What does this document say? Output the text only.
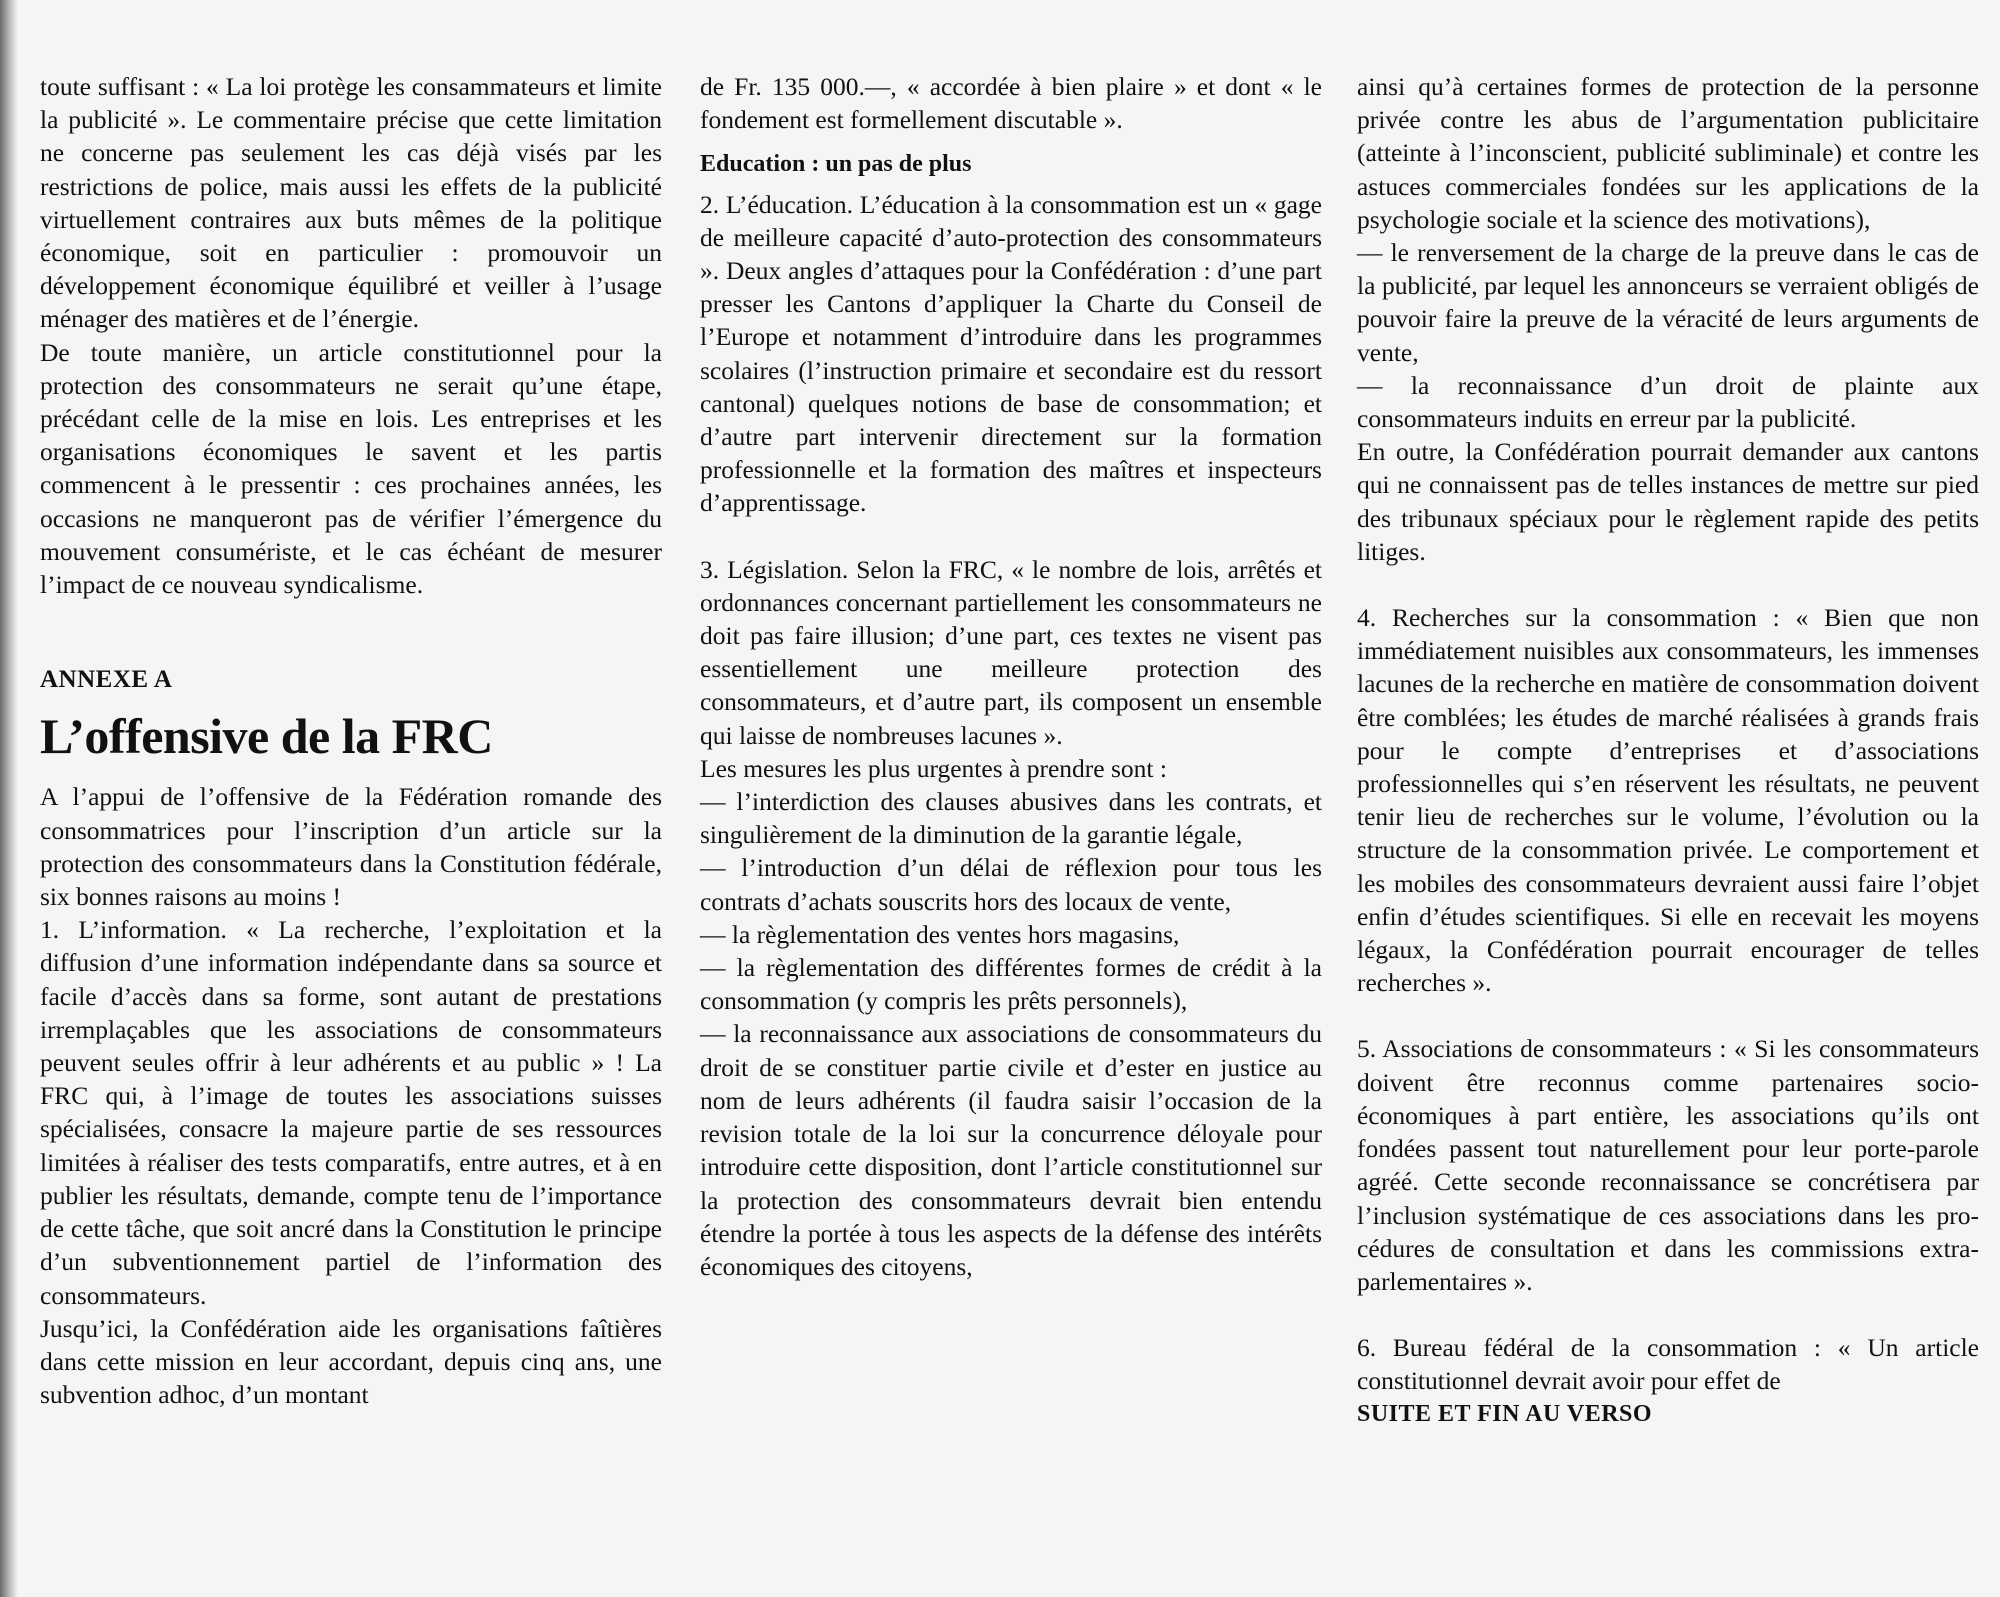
toute suffisant : « La loi protège les consammateurs et limite la publicité ». Le commentaire précise que cette limitation ne concerne pas seulement les cas déjà visés par les restrictions de police, mais aussi les effets de la publicité virtuellement contraires aux buts mêmes de la politique économique, soit en particulier : promouvoir un développement économique équilibré et veiller à l’usage ménager des matières et de l’énergie.

De toute manière, un article constitutionnel pour la protection des consommateurs ne serait qu’une étape, précédant celle de la mise en lois. Les entreprises et les organisations économiques le savent et les partis commencent à le pressentir : ces prochaines années, les occasions ne manqueront pas de vérifier l’émergence du mouvement consumériste, et le cas échéant de mesurer l’impact de ce nouveau syndicalisme.

ANNEXE A

L’offensive de la FRC

A l’appui de l’offensive de la Fédération romande des consommatrices pour l’inscription d’un article sur la protection des consommateurs dans la Constitution fédérale, six bonnes raisons au moins !

1. L’information. « La recherche, l’exploitation et la diffusion d’une information indépendante dans sa source et facile d’accès dans sa forme, sont autant de prestations irremplaçables que les associations de consommateurs peuvent seules offrir à leur adhérents et au public » ! La FRC qui, à l’image de toutes les associations suisses spécialisées, consacre la majeure partie de ses ressources limitées à réaliser des tests comparatifs, entre autres, et à en publier les résultats, demande, compte tenu de l’importance de cette tâche, que soit ancré dans la Constitution le principe d’un subventionnement partiel de l’information des consommateurs.

Jusqu’ici, la Confédération aide les organisations faîtières dans cette mission en leur accordant, depuis cinq ans, une subvention adhoc, d’un montant

de Fr. 135 000.—, « accordée à bien plaire » et dont « le fondement est formellement discutable ».

Education : un pas de plus

2. L’éducation. L’éducation à la consommation est un « gage de meilleure capacité d’auto-protection des consommateurs ». Deux angles d’attaques pour la Confédération : d’une part presser les Cantons d’appliquer la Charte du Conseil de l’Europe et notamment d’introduire dans les programmes scolaires (l’instruction primaire et secondaire est du ressort cantonal) quelques notions de base de consommation; et d’autre part intervenir directement sur la formation professionnelle et la formation des maîtres et inspecteurs d’apprentissage.

3. Législation. Selon la FRC, « le nombre de lois, arrêtés et ordonnances concernant partiellement les consommateurs ne doit pas faire illusion; d’une part, ces textes ne visent pas essentiellement une meilleure protection des consommateurs, et d’autre part, ils composent un ensemble qui laisse de nombreuses lacunes ».

Les mesures les plus urgentes à prendre sont :

— l’interdiction des clauses abusives dans les contrats, et singulièrement de la diminution de la garantie légale,

— l’introduction d’un délai de réflexion pour tous les contrats d’achats souscrits hors des locaux de vente,

— la règlementation des ventes hors magasins,

— la règlementation des différentes formes de crédit à la consommation (y compris les prêts personnels),

— la reconnaissance aux associations de consommateurs du droit de se constituer partie civile et d’ester en justice au nom de leurs adhérents (il faudra saisir l’occasion de la revision totale de la loi sur la concurrence déloyale pour introduire cette disposition, dont l’article constitutionnel sur la protection des consommateurs devrait bien entendu étendre la portée à tous les aspects de la défense des intérêts économiques des citoyens,

ainsi qu’à certaines formes de protection de la personne privée contre les abus de l’argumentation publicitaire (atteinte à l’inconscient, publicité subliminale) et contre les astuces commerciales fondées sur les applications de la psychologie sociale et la science des motivations),

— le renversement de la charge de la preuve dans le cas de la publicité, par lequel les annonceurs se verraient obligés de pouvoir faire la preuve de la véracité de leurs arguments de vente,

— la reconnaissance d’un droit de plainte aux consommateurs induits en erreur par la publicité.

En outre, la Confédération pourrait demander aux cantons qui ne connaissent pas de telles instances de mettre sur pied des tribunaux spéciaux pour le règlement rapide des petits litiges.

4. Recherches sur la consommation : « Bien que non immédiatement nuisibles aux consommateurs, les immenses lacunes de la recherche en matière de consommation doivent être comblées; les études de marché réalisées à grands frais pour le compte d’entreprises et d’associations professionnelles qui s’en réservent les résultats, ne peuvent tenir lieu de recherches sur le volume, l’évolution ou la structure de la consommation privée. Le comportement et les mobiles des consommateurs devraient aussi faire l’objet enfin d’études scientifiques. Si elle en recevait les moyens légaux, la Confédération pourrait encourager de telles recherches ».

5. Associations de consommateurs : « Si les consommateurs doivent être reconnus comme partenaires socio-économiques à part entière, les associations qu’ils ont fondées passent tout naturellement pour leur porte-parole agréé. Cette seconde reconnaissance se concrétisera par l’inclusion systématique de ces associations dans les procédures de consultation et dans les commissions extra-parlementaires ».

6. Bureau fédéral de la consommation : « Un article constitutionnel devrait avoir pour effet de

SUITE ET FIN AU VERSO
